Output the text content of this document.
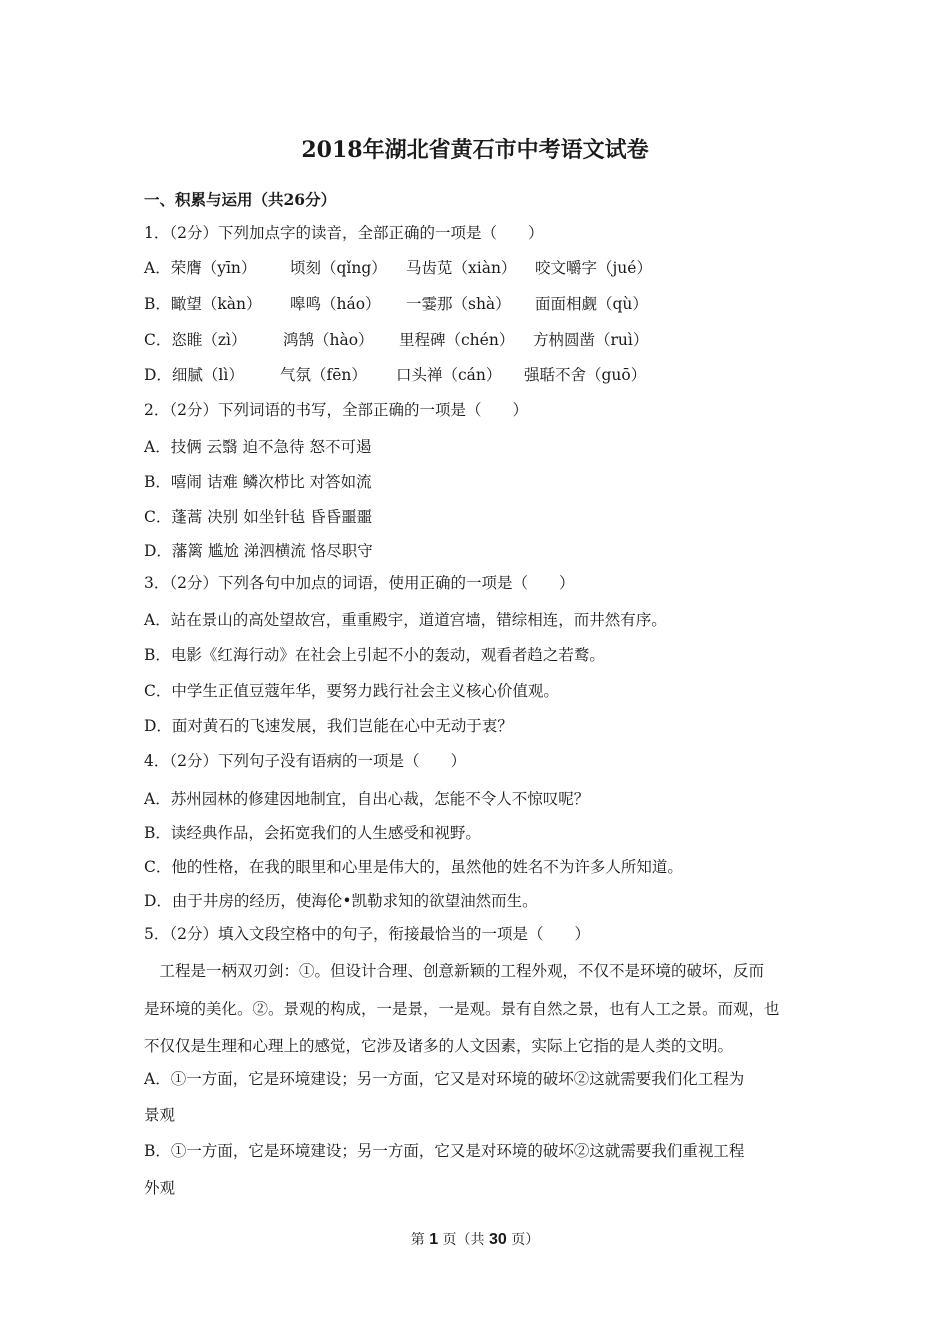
2018年湖北省黄石市中考语文试卷
一、积累与运用（共26分）
1．（2分）下列加点字的读音，全部正确的一项是（　　）
A．荣膺（yīn） 顷刻（qǐng） 马齿苋（xiàn） 咬文嚼字（jué）
B．瞰望（kàn） 嗥鸣（háo） 一霎那（shà） 面面相觑（qù）
C．恣睢（zì） 鸿鹄（hào） 里程碑（chén） 方枘圆凿（ruì）
D．细腻（lì） 气氛（fēn） 口头禅（cán） 强聒不舍（guō）
2．（2分）下列词语的书写，全部正确的一项是（　　）
A．技俩 云翳 迫不急待 怒不可遏
B．嘻闹 诘难 鳞次栉比 对答如流
C．蓬蒿 决别 如坐针毡 昏昏噩噩
D．藩篱 尴尬 涕泗横流 恪尽职守
3．（2分）下列各句中加点的词语，使用正确的一项是（　　）
A．站在景山的高处望故宫，重重殿宇，道道宫墙，错综相连，而井然有序。
B．电影《红海行动》在社会上引起不小的轰动，观看者趋之若鹜。
C．中学生正值豆蔻年华，要努力践行社会主义核心价值观。
D．面对黄石的飞速发展，我们岂能在心中无动于衷？
4．（2分）下列句子没有语病的一项是（　　）
A．苏州园林的修建因地制宜，自出心裁，怎能不令人不惊叹呢？
B．读经典作品，会拓宽我们的人生感受和视野。
C．他的性格，在我的眼里和心里是伟大的，虽然他的姓名不为许多人所知道。
D．由于井房的经历，使海伦•凯勒求知的欲望油然而生。
5．（2分）填入文段空格中的句子，衔接最恰当的一项是（　　）
　工程是一柄双刃剑：①。但设计合理、创意新颖的工程外观，不仅不是环境的破坏，反而
是环境的美化。②。景观的构成，一是景，一是观。景有自然之景，也有人工之景。而观，也
不仅仅是生理和心理上的感觉，它涉及诸多的人文因素，实际上它指的是人类的文明。
A．①一方面，它是环境建设；另一方面，它又是对环境的破坏②这就需要我们化工程为
景观
B．①一方面，它是环境建设；另一方面，它又是对环境的破坏②这就需要我们重视工程
外观
第 1 页（共 30 页）
